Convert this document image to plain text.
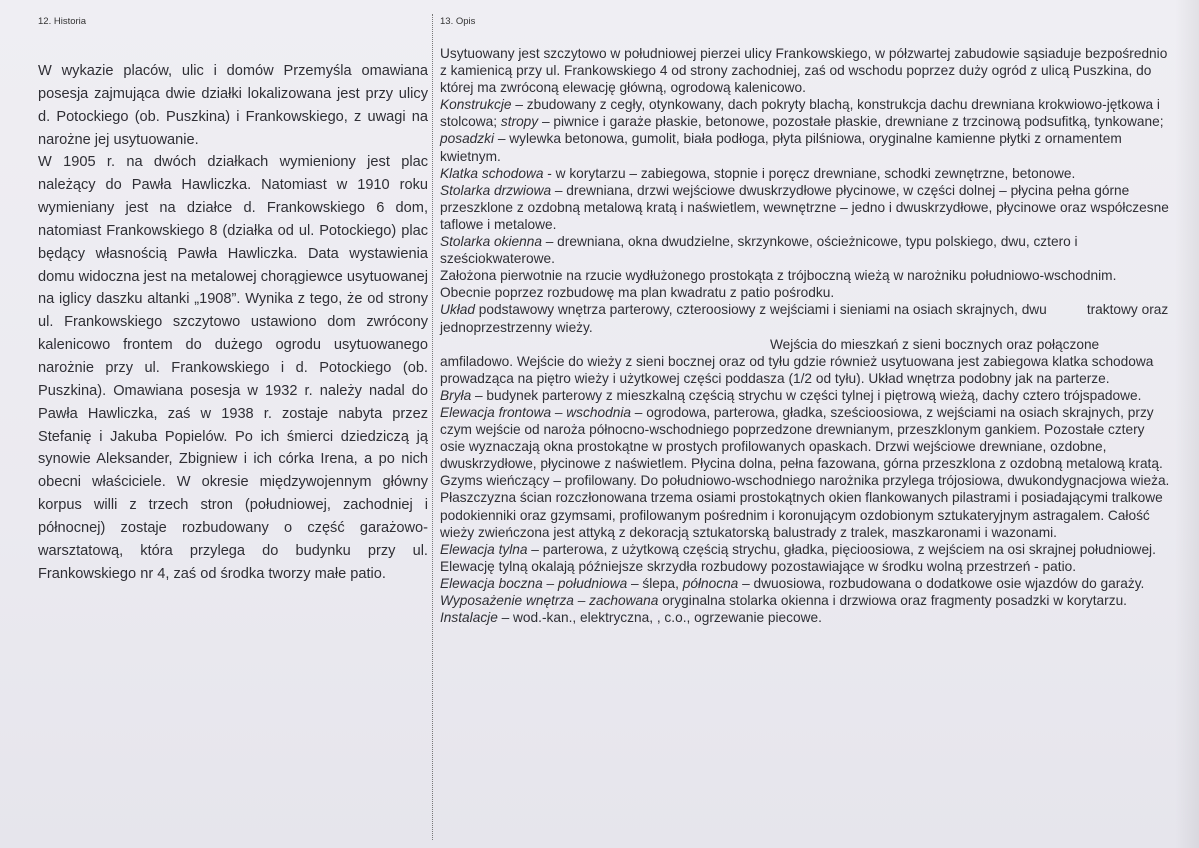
12. Historia	13. Opis

W wykazie placów, ulic i domów Przemyśla omawiana posesja zajmująca dwie działki lokalizowana jest przy ulicy d. Potockiego (ob. Puszkina) i Frankowskiego, z uwagi na narożne jej usytuowanie.

W 1905 r. na dwóch działkach wymieniony jest plac należący do Pawła Hawliczka. Natomiast w 1910 roku wymieniany jest na działce d. Frankowskiego 6 dom, natomiast Frankowskiego 8 (działka od ul. Potockiego) plac będący własnością Pawła Hawliczka. Data wystawienia domu widoczna jest na metalowej chorągiewce usytuowanej na iglicy daszku altanki „1908”. Wynika z tego, że od strony ul. Frankowskiego szczytowo ustawiono dom zwrócony kalenicowo frontem do dużego ogrodu usytuowanego narożnie przy ul. Frankowskiego i d. Potockiego (ob. Puszkina). Omawiana posesja w 1932 r. należy nadal do Pawła Hawliczka, zaś w 1938 r. zostaje nabyta przez Stefanię i Jakuba Popielów. Po ich śmierci dziedziczą ją synowie Aleksander, Zbigniew i ich córka Irena, a po nich obecni właściciele. W okresie międzywojennym główny korpus willi z trzech stron (południowej, zachodniej i północnej) zostaje rozbudowany o część garażowo-warsztatową, która przylega do budynku przy ul. Frankowskiego nr 4, zaś od środka tworzy małe patio.

Usytuowany jest szczytowo w południowej pierzei ulicy Frankowskiego, w półzwartej zabudowie sąsiaduje bezpośrednio z kamienicą przy ul. Frankowskiego 4 od strony zachodniej, zaś od wschodu poprzez duży ogród z ulicą Puszkina, do której ma zwróconą elewację główną, ogrodową kalenicowo.

Konstrukcje – zbudowany z cegły, otynkowany, dach pokryty blachą, konstrukcja dachu drewniana krokwiowo-jętkowa i stolcowa; stropy – piwnice i garaże płaskie, betonowe, pozostałe płaskie, drewniane z trzcinową podsufitką, tynkowane; posadzki – wylewka betonowa, gumolit, biała podłoga, płyta pilśniowa, oryginalne kamienne płytki z ornamentem kwietnym.

Klatka schodowa - w korytarzu – zabiegowa, stopnie i poręcz drewniane, schodki zewnętrzne, betonowe.

Stolarka drzwiowa – drewniana, drzwi wejściowe dwuskrzydłowe płycinowe, w części dolnej – płycina pełna górne przeszklone z ozdobną metalową kratą i naświetlem, wewnętrzne – jedno i dwuskrzydłowe, płycinowe oraz współczesne taflowe i metalowe.

Stolarka okienna – drewniana, okna dwudzielne, skrzynkowe, ościeżnicowe, typu polskiego, dwu, cztero i sześciokwaterowe.

Założona pierwotnie na rzucie wydłużonego prostokąta z trójboczną wieżą w narożniku południowo-wschodnim. Obecnie poprzez rozbudowę ma plan kwadratu z patio pośrodku.

Układ podstawowy wnętrza parterowy, czteroosiowy z wejściami i sieniami na osiach skrajnych, dwu	traktowy oraz jednoprzestrzenny wieży.

Wejścia do mieszkań z sieni bocznych oraz połączone amfiladowo. Wejście do wieży z sieni bocznej oraz od tyłu gdzie również usytuowana jest zabiegowa klatka schodowa prowadząca na piętro wieży i użytkowej części poddasza (1/2 od tyłu). Układ wnętrza podobny jak na parterze.

Bryła – budynek parterowy z mieszkalną częścią strychu w części tylnej i piętrową wieżą, dachy cztero trójspadowe.

Elewacja frontowa – wschodnia – ogrodowa, parterowa, gładka, sześcioosiowa, z wejściami na osiach skrajnych, przy czym wejście od naroża północno-wschodniego poprzedzone drewnianym, przeszklonym gankiem. Pozostałe cztery osie wyznaczają okna prostokątne w prostych profilowanych opaskach. Drzwi wejściowe drewniane, ozdobne, dwuskrzydłowe, płycinowe z naświetlem. Płycina dolna, pełna fazowana, górna przeszklona z ozdobną metalową kratą. Gzyms wieńczący – profilowany. Do południowo-wschodniego narożnika przylega trójosiowa, dwukondygnacjowa wieża. Płaszczyzna ścian rozczłonowana trzema osiami prostokątnych okien flankowanych pilastrami i posiadającymi tralkowe podokienniki oraz gzymsami, profilowanym pośrednim i koronującym ozdobionym sztukateryjnym astragalem. Całość wieży zwieńczona jest attyką z dekoracją sztukatorską balustrady z tralek, maszkaronami i wazonami.

Elewacja tylna – parterowa, z użytkową częścią strychu, gładka, pięcioosiowa, z wejściem na osi skrajnej południowej. Elewację tylną okalają późniejsze skrzydła rozbudowy pozostawiające w środku wolną przestrzeń - patio.

Elewacja boczna – południowa – ślepa, północna – dwuosiowa, rozbudowana o dodatkowe osie wjazdów do garaży.

Wyposażenie wnętrza – zachowana oryginalna stolarka okienna i drzwiowa oraz fragmenty posadzki w korytarzu.

Instalacje – wod.-kan., elektryczna, , c.o., ogrzewanie piecowe.
